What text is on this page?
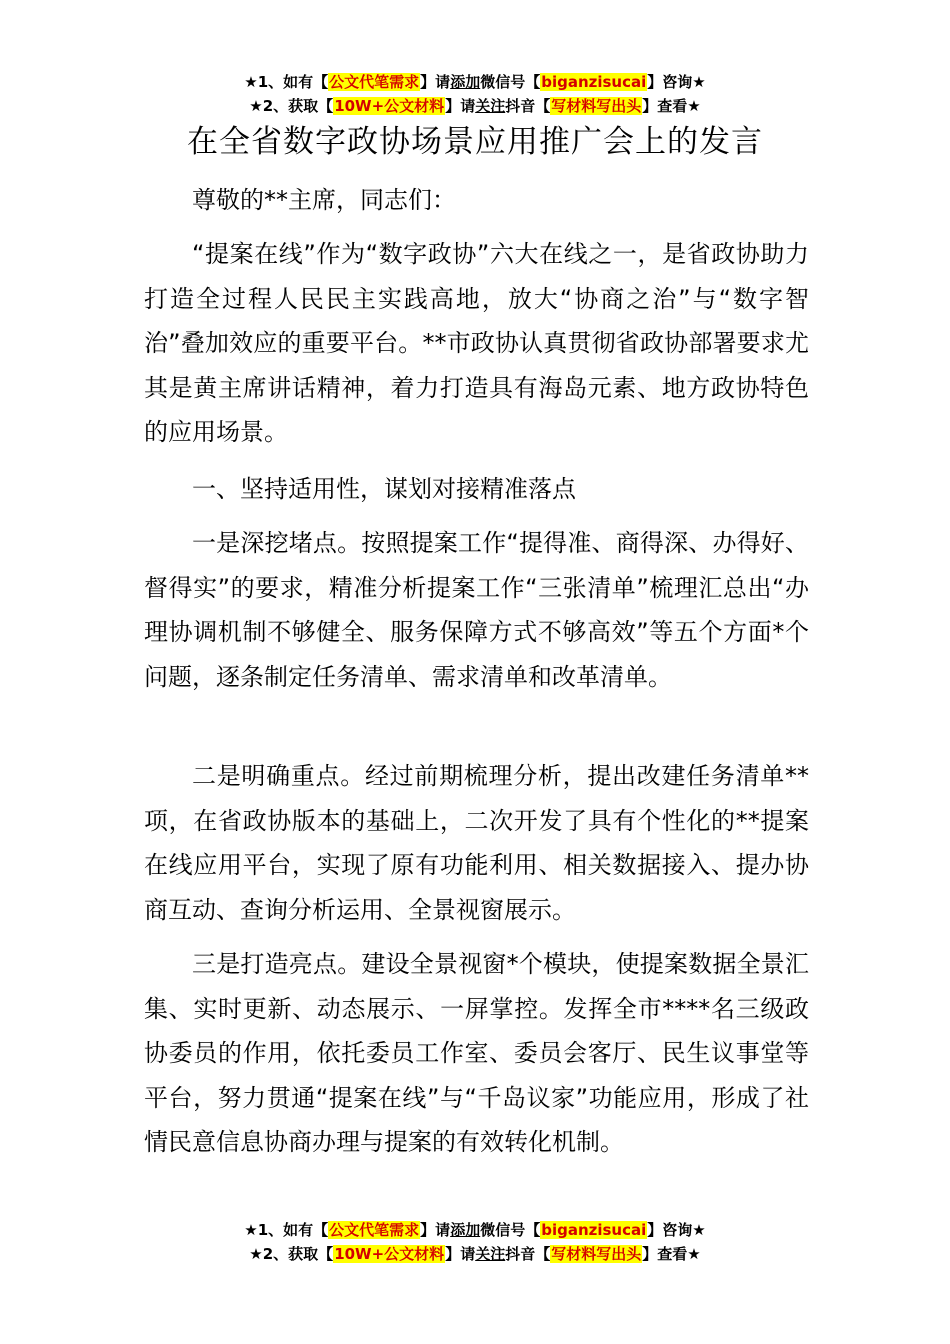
★1、如有【公文代笔需求】请添加微信号【biganzisucai】咨询★
★2、获取【10W+公文材料】请关注抖音【写材料写出头】查看★
在全省数字政协场景应用推广会上的发言

尊敬的**主席，同志们：

“提案在线”作为“数字政协”六大在线之一，是省政协助力打造全过程人民民主实践高地，放大“协商之治”与“数字智治”叠加效应的重要平台。**市政协认真贯彻省政协部署要求尤其是黄主席讲话精神，着力打造具有海岛元素、地方政协特色的应用场景。

一、坚持适用性，谋划对接精准落点

一是深挖堵点。按照提案工作“提得准、商得深、办得好、督得实”的要求，精准分析提案工作“三张清单”梳理汇总出“办理协调机制不够健全、服务保障方式不够高效”等五个方面*个问题，逐条制定任务清单、需求清单和改革清单。

二是明确重点。经过前期梳理分析，提出改建任务清单**项，在省政协版本的基础上，二次开发了具有个性化的**提案在线应用平台，实现了原有功能利用、相关数据接入、提办协商互动、查询分析运用、全景视窗展示。

三是打造亮点。建设全景视窗*个模块，使提案数据全景汇集、实时更新、动态展示、一屏掌控。发挥全市****名三级政协委员的作用，依托委员工作室、委员会客厅、民生议事堂等平台，努力贯通“提案在线”与“千岛议家”功能应用，形成了社情民意信息协商办理与提案的有效转化机制。

★1、如有【公文代笔需求】请添加微信号【biganzisucai】咨询★
★2、获取【10W+公文材料】请关注抖音【写材料写出头】查看★
